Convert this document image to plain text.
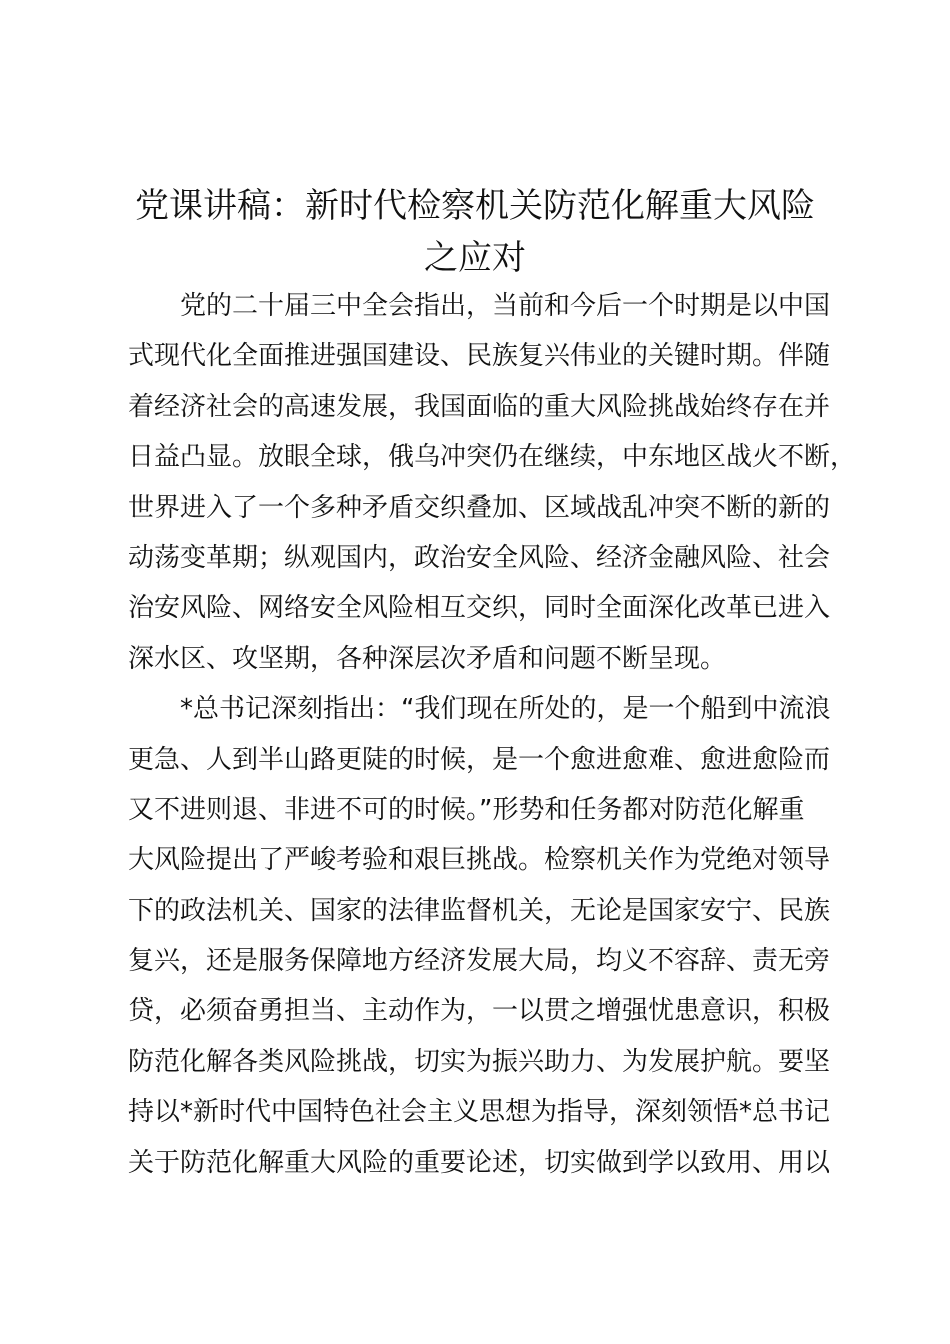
党课讲稿：新时代检察机关防范化解重大风险
之应对
党的二十届三中全会指出，当前和今后一个时期是以中国
式现代化全面推进强国建设、民族复兴伟业的关键时期。伴随
着经济社会的高速发展，我国面临的重大风险挑战始终存在并
日益凸显。放眼全球，俄乌冲突仍在继续，中东地区战火不断，
世界进入了一个多种矛盾交织叠加、区域战乱冲突不断的新的
动荡变革期；纵观国内，政治安全风险、经济金融风险、社会
治安风险、网络安全风险相互交织，同时全面深化改革已进入
深水区、攻坚期，各种深层次矛盾和问题不断呈现。
*总书记深刻指出：“我们现在所处的，是一个船到中流浪
更急、人到半山路更陡的时候，是一个愈进愈难、愈进愈险而
又不进则退、非进不可的时候。”形势和任务都对防范化解重
大风险提出了严峻考验和艰巨挑战。检察机关作为党绝对领导
下的政法机关、国家的法律监督机关，无论是国家安宁、民族
复兴，还是服务保障地方经济发展大局，均义不容辞、责无旁
贷，必须奋勇担当、主动作为，一以贯之增强忧患意识，积极
防范化解各类风险挑战，切实为振兴助力、为发展护航。要坚
持以*新时代中国特色社会主义思想为指导，深刻领悟*总书记
关于防范化解重大风险的重要论述，切实做到学以致用、用以
